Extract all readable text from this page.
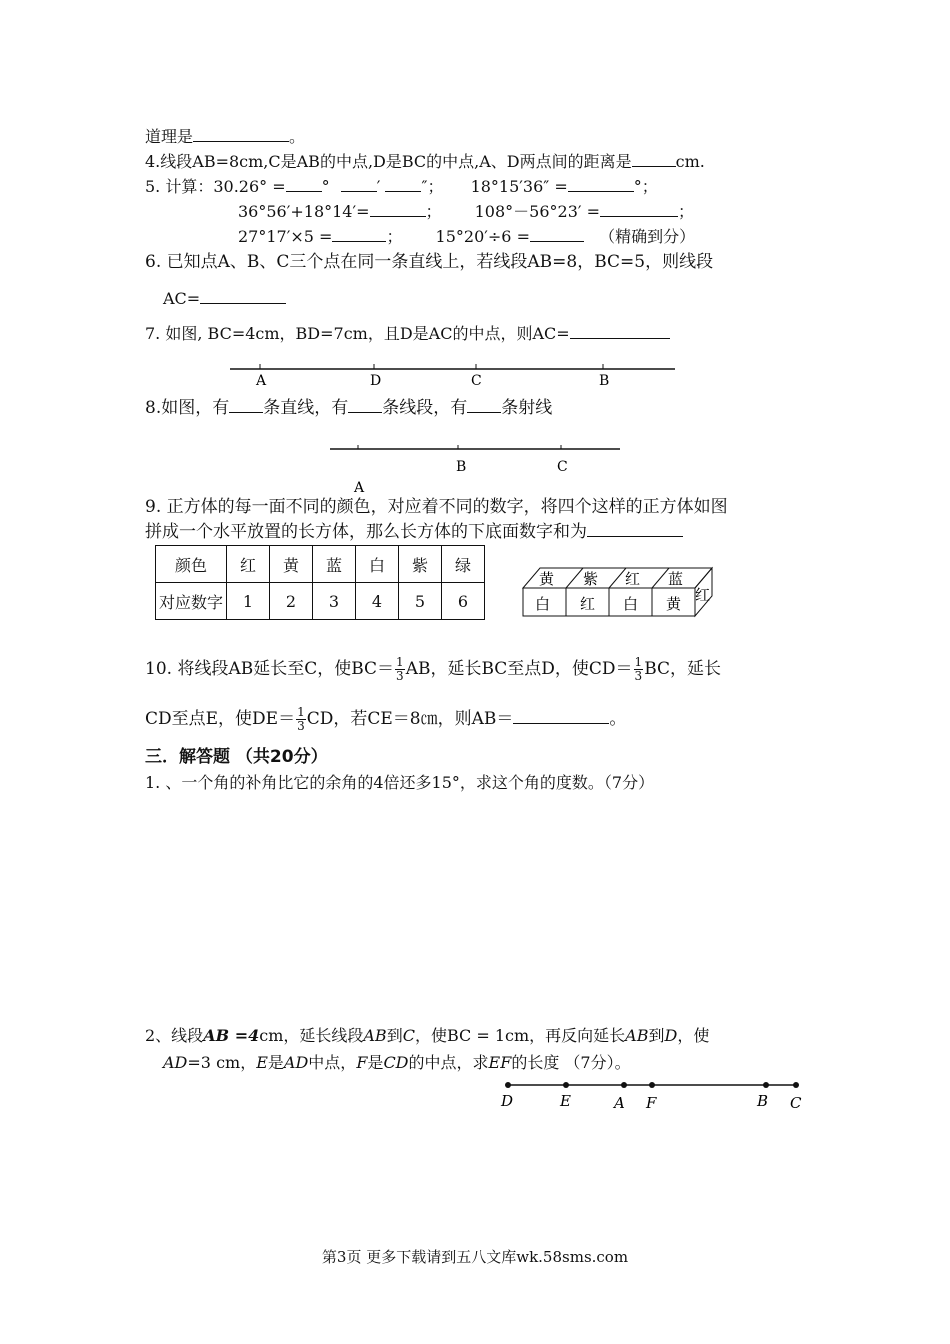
道理是	。
4.线段AB=8cm,C是AB的中点,D是BC的中点,A、D两点间的距离是	cm.
5. 计算：30.26° = °	′	″； 18°15′36″ =	°；
36°56′+18°14′=	； 108°－56°23′ =	；
27°17′×5 =	； 15°20′÷6 =	（精确到分）
6. 已知点A、B、C三个点在同一条直线上，若线段AB=8，BC=5，则线段
AC=
7. 如图, BC=4cm，BD=7cm，且D是AC的中点，则AC=
A	D	C	B
A
B	C
黄 紫 红 蓝
白 红 白 黄 红
D	E	A F	B C
8.如图，有 条直线，有 条线段，有 条射线
9. 正方体的每一面不同的颜色，对应着不同的数字，将四个这样的正方体如图
拼成一个水平放置的长方体，那么长方体的下底面数字和为
颜色	红	黄	蓝	白	紫	绿
对应数字	1	2	3	4	5	6
10. 将线段AB延长至C，使$BC= \frac{1}{3}$ AB，延长BC至点D，使$CD= \frac{1}{3}$ BC，延长
CD至点E，使$DE= \frac{1}{3}$ CD，若CE＝8㎝，则AB＝	。
三．解答题 （共20分）
1. 、一个角的补角比它的余角的4倍还多15°，求这个角的度数。（7分）
2、线段AB =4cm，延长线段AB到C，使BC = 1cm，再反向延长AB到D，使
AD=3 cm，E是AD中点，F是CD的中点，求EF的长度 （7分）。
第3页 更多下载请到五八文库wk.58sms.com
